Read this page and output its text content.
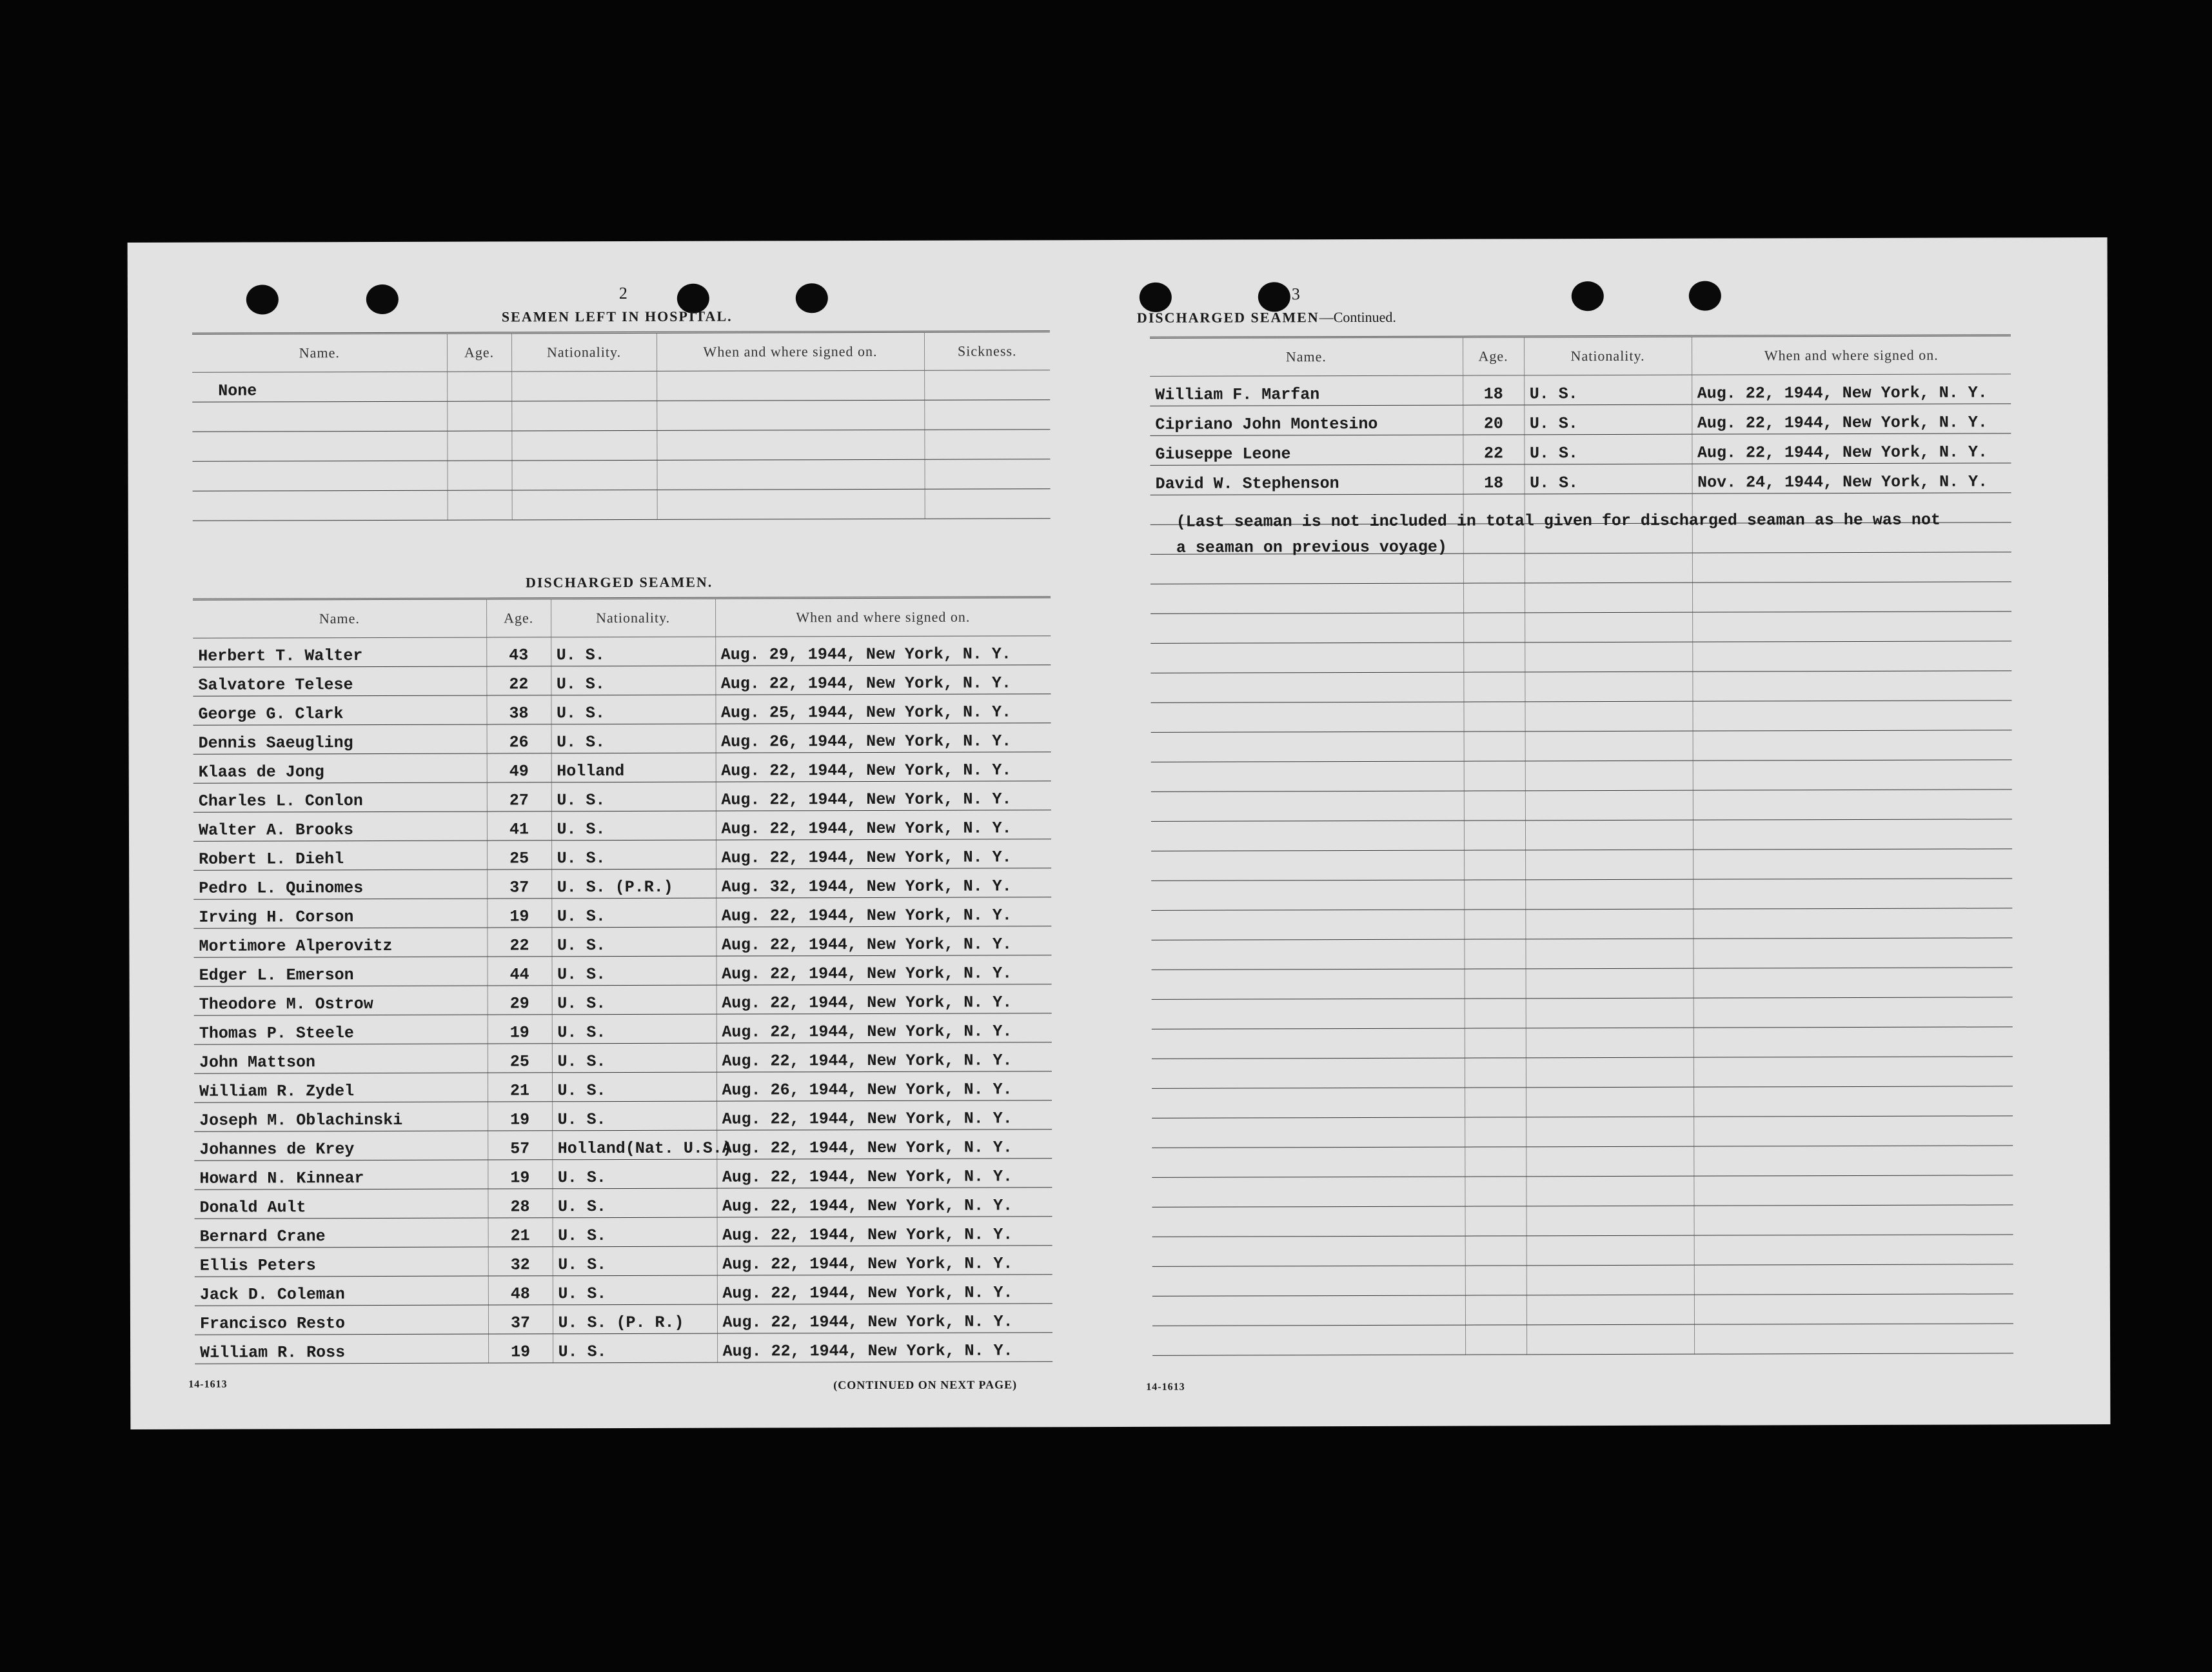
2
SEAMEN LEFT IN HOSPITAL.
Name.	Age.	Nationality.	When and where signed on.	Sickness.
None				

DISCHARGED SEAMEN.
Name.	Age.	Nationality.	When and where signed on.
Herbert T. Walter	43	U. S.	Aug. 29, 1944, New York, N. Y.
Salvatore Telese	22	U. S.	Aug. 22, 1944, New York, N. Y.
George G. Clark	38	U. S.	Aug. 25, 1944, New York, N. Y.
Dennis Saeugling	26	U. S.	Aug. 26, 1944, New York, N. Y.
Klaas de Jong	49	Holland	Aug. 22, 1944, New York, N. Y.
Charles L. Conlon	27	U. S.	Aug. 22, 1944, New York, N. Y.
Walter A. Brooks	41	U. S.	Aug. 22, 1944, New York, N. Y.
Robert L. Diehl	25	U. S.	Aug. 22, 1944, New York, N. Y.
Pedro L. Quinomes	37	U. S. (P.R.)	Aug. 32, 1944, New York, N. Y.
Irving H. Corson	19	U. S.	Aug. 22, 1944, New York, N. Y.
Mortimore Alperovitz	22	U. S.	Aug. 22, 1944, New York, N. Y.
Edger L. Emerson	44	U. S.	Aug. 22, 1944, New York, N. Y.
Theodore M. Ostrow	29	U. S.	Aug. 22, 1944, New York, N. Y.
Thomas P. Steele	19	U. S.	Aug. 22, 1944, New York, N. Y.
John Mattson	25	U. S.	Aug. 22, 1944, New York, N. Y.
William R. Zydel	21	U. S.	Aug. 26, 1944, New York, N. Y.
Joseph M. Oblachinski	19	U. S.	Aug. 22, 1944, New York, N. Y.
Johannes de Krey	57	Holland(Nat. U.S.)	Aug. 22, 1944, New York, N. Y.
Howard N. Kinnear	19	U. S.	Aug. 22, 1944, New York, N. Y.
Donald Ault	28	U. S.	Aug. 22, 1944, New York, N. Y.
Bernard Crane	21	U. S.	Aug. 22, 1944, New York, N. Y.
Ellis Peters	32	U. S.	Aug. 22, 1944, New York, N. Y.
Jack D. Coleman	48	U. S.	Aug. 22, 1944, New York, N. Y.
Francisco Resto	37	U. S. (P. R.)	Aug. 22, 1944, New York, N. Y.
William R. Ross	19	U. S.	Aug. 22, 1944, New York, N. Y.
14-1613	(CONTINUED ON NEXT PAGE)
3
DISCHARGED SEAMEN—Continued.
Name.	Age.	Nationality.	When and where signed on.
William F. Marfan	18	U. S.	Aug. 22, 1944, New York, N. Y.
Cipriano John Montesino	20	U. S.	Aug. 22, 1944, New York, N. Y.
Giuseppe Leone	22	U. S.	Aug. 22, 1944, New York, N. Y.
David W. Stephenson	18	U. S.	Nov. 24, 1944, New York, N. Y.

(Last seaman is not included in total given for discharged seaman as he was not
a seaman on previous voyage)
14-1613
